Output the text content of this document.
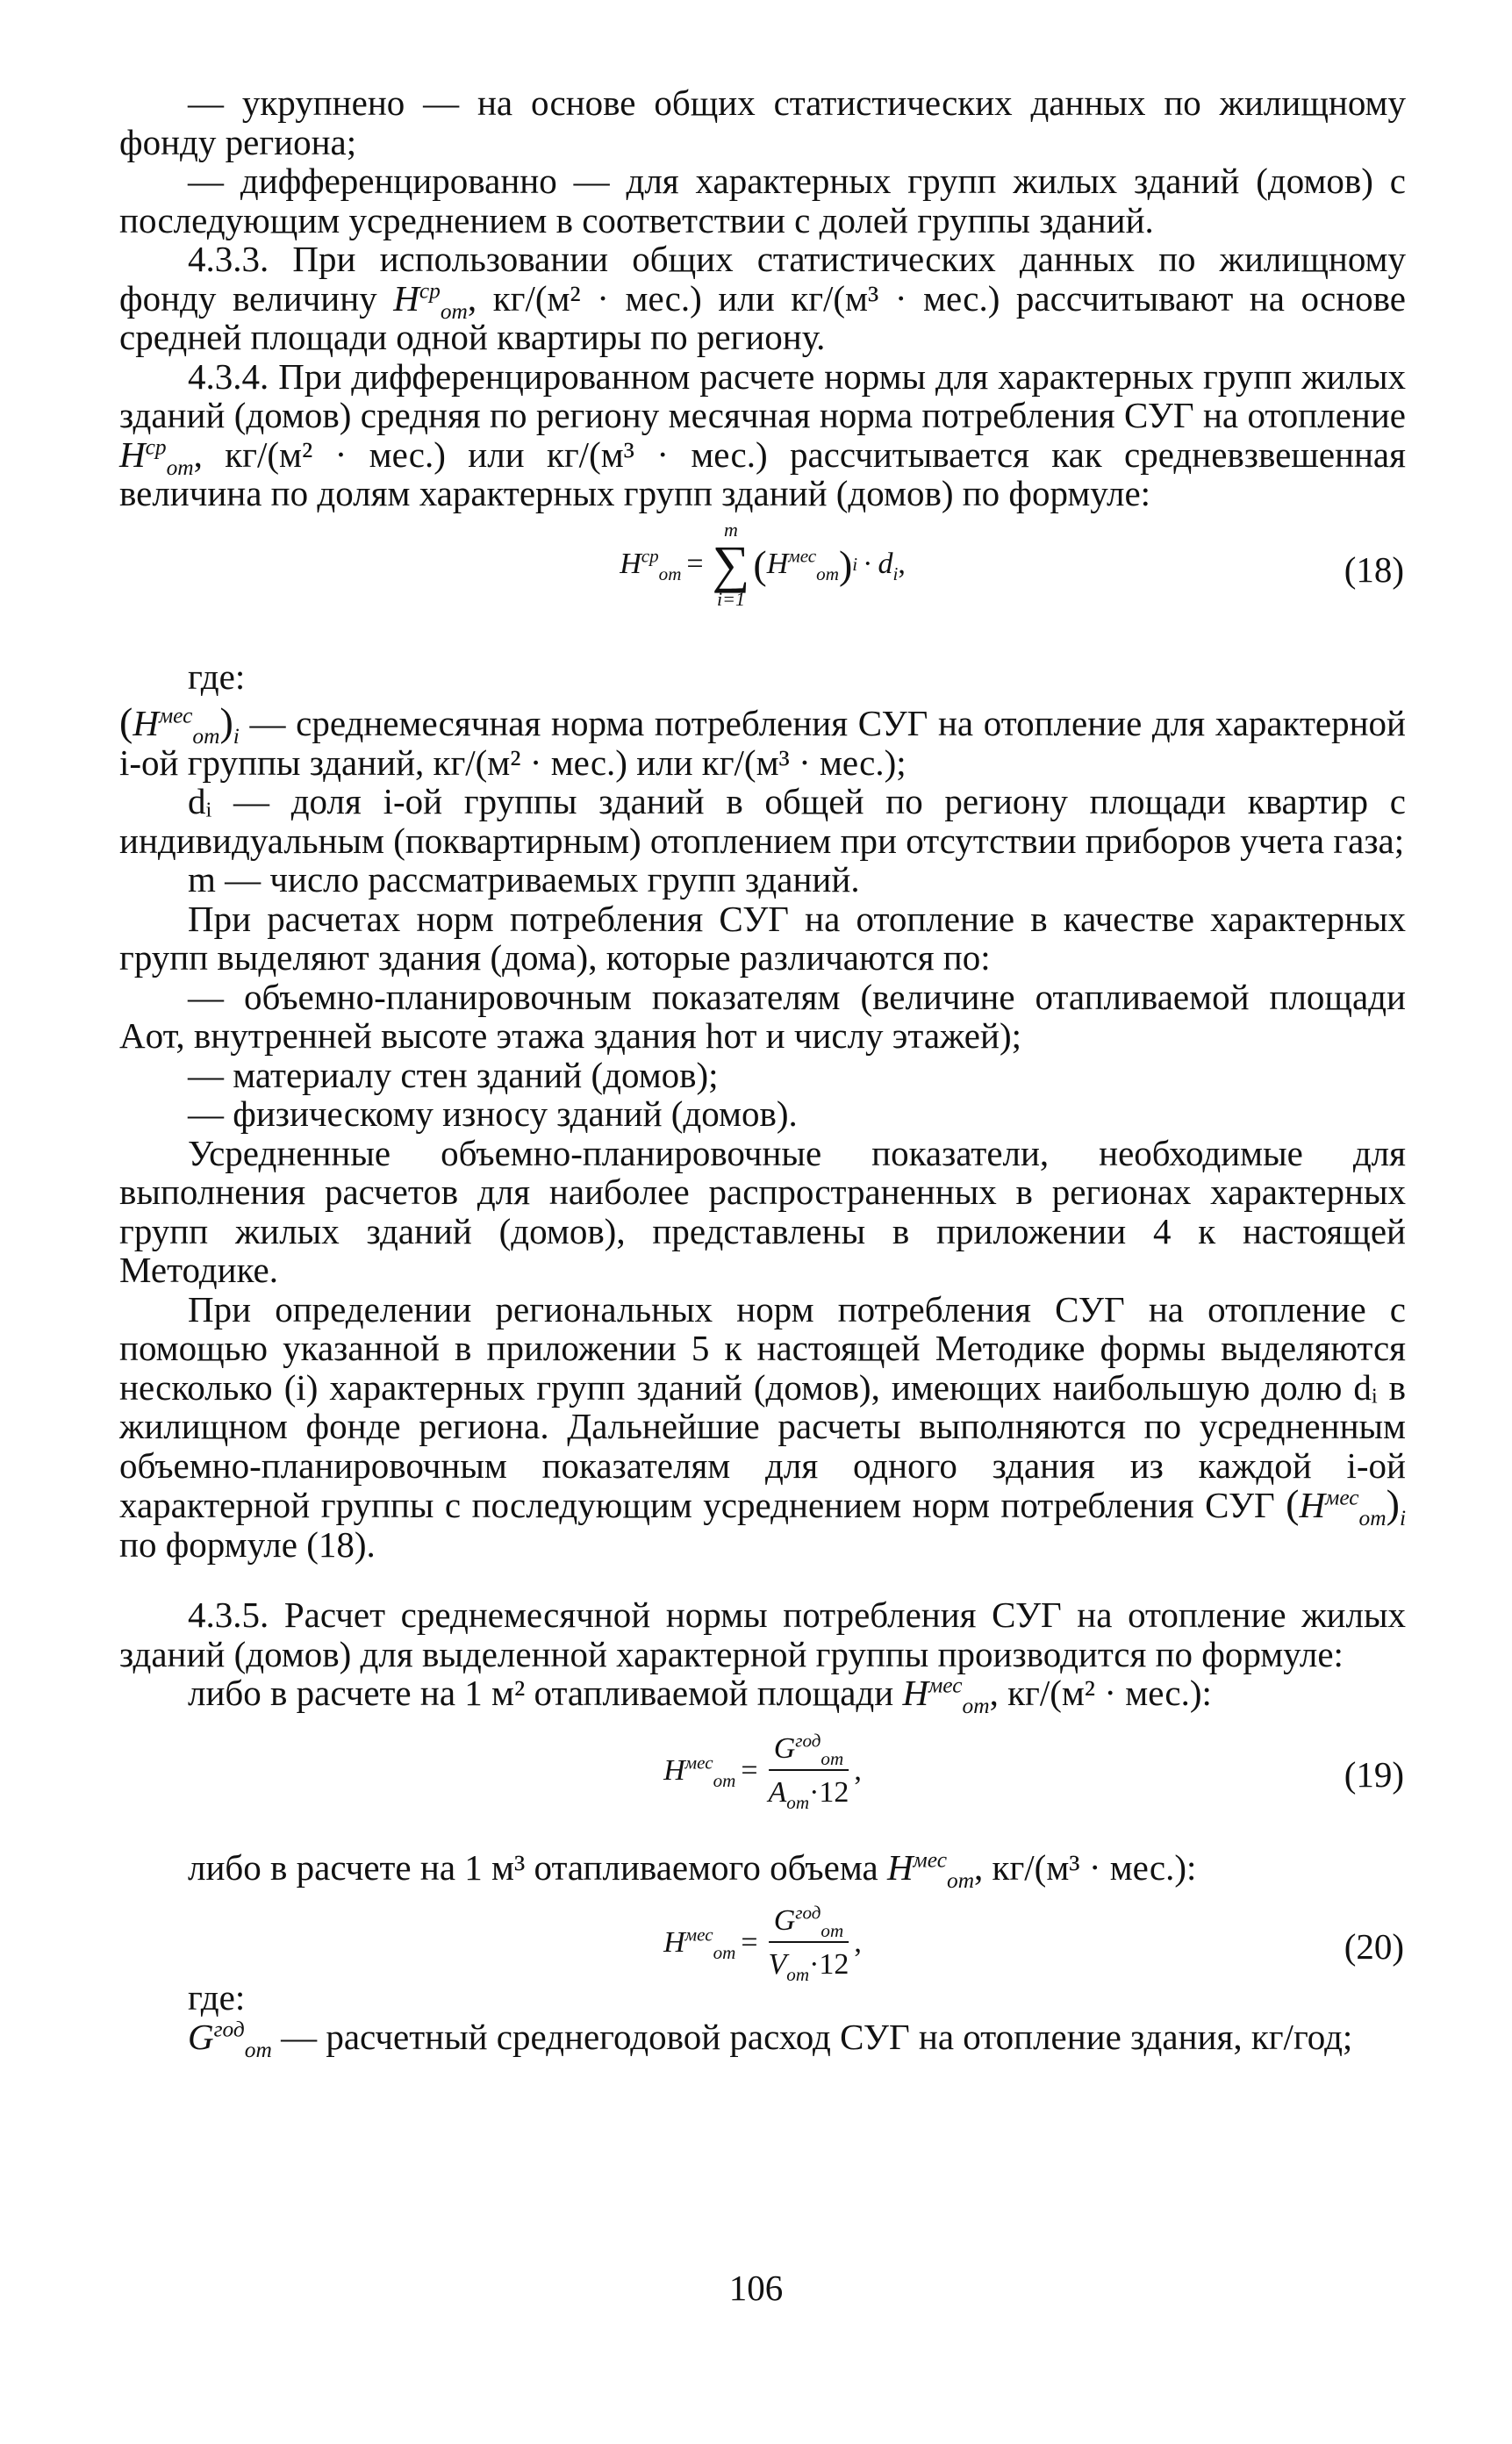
— укрупнено — на основе общих статистических данных по жилищному фонду региона;

— дифференцированно — для характерных групп жилых зданий (домов) с последующим усреднением в соответствии с долей группы зданий.

4.3.3. При использовании общих статистических данных по жилищному фонду величину $H^{ср}_{от}$, кг/(м² · мес.) или кг/(м³ · мес.) рассчитывают на основе средней площади одной квартиры по региону.

4.3.4. При дифференцированном расчете нормы для характерных групп жилых зданий (домов) средняя по региону месячная норма потребления СУГ на отопление $H^{ср}_{от}$, кг/(м² · мес.) или кг/(м³ · мес.) рассчитывается как средневзвешенная величина по долям характерных групп зданий (домов) по формуле:

$H^{ср}_{от}$ =
m
∑
i=1
( $H^{мес}_{от}$ ) $i \cdot d_i$ ,	(18)

где:

$(H^{мес}_{от})_i$ — среднемесячная норма потребления СУГ на отопление для характерной i-ой группы зданий, кг/(м² · мес.) или кг/(м³ · мес.);

dᵢ — доля i-ой группы зданий в общей по региону площади квартир с индивидуальным (поквартирным) отоплением при отсутствии приборов учета газа;

m — число рассматриваемых групп зданий.

При расчетах норм потребления СУГ на отопление в качестве характерных групп выделяют здания (дома), которые различаются по:

— объемно-планировочным показателям (величине отапливаемой площади Aот, внутренней высоте этажа здания hот и числу этажей);

— материалу стен зданий (домов);

— физическому износу зданий (домов).

Усредненные объемно-планировочные показатели, необходимые для выполнения расчетов для наиболее распространенных в регионах характерных групп жилых зданий (домов), представлены в приложении 4 к настоящей Методике.

При определении региональных норм потребления СУГ на отопление с помощью указанной в приложении 5 к настоящей Методике формы выделяются несколько (i) характерных групп зданий (домов), имеющих наибольшую долю dᵢ в жилищном фонде региона. Дальнейшие расчеты выполняются по усредненным объемно-планировочным показателям для одного здания из каждой i-ой характерной группы с последующим усреднением норм потребления СУГ $(H^{мес}_{от})_i$ по формуле (18).

4.3.5. Расчет среднемесячной нормы потребления СУГ на отопление жилых зданий (домов) для выделенной характерной группы производится по формуле:

либо в расчете на 1 м² отапливаемой площади $H^{мес}_{от}$, кг/(м² · мес.):

$H^{мес}_{от} = \frac{G^{год}_{от}}{A_{от}\cdot 12}$ ,	(19)

либо в расчете на 1 м³ отапливаемого объема $H^{мес}_{от}$, кг/(м³ · мес.):

$H^{мес}_{от} = \frac{G^{год}_{от}}{V_{от}\cdot 12}$ ,	(20)

где:

$G^{год}_{от}$ — расчетный среднегодовой расход СУГ на отопление здания, кг/год;

106
